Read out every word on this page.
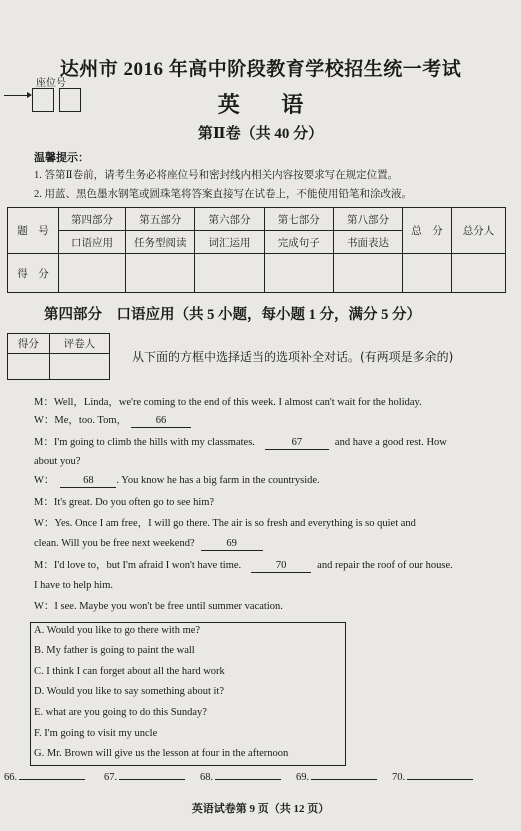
达州市 2016 年高中阶段教育学校招生统一考试
座位号
英 语
第Ⅱ卷（共 40 分）
温馨提示：
1. 答第Ⅱ卷前，请考生务必将座位号和密封线内相关内容按要求写在规定位置。
2. 用蓝、黑色墨水钢笔或圆珠笔将答案直接写在试卷上，不能使用铅笔和涂改液。
题　号	第四部分	第五部分	第六部分	第七部分	第八部分	总　分	总分人
	口语应用	任务型阅读	词汇运用	完成句子	书面表达		
得　分							
第四部分　口语应用（共 5 小题，每小题 1 分，满分 5 分）
得分	评卷人

从下面的方框中选择适当的选项补全对话。(有两项是多余的)
M：Well，Linda，we're coming to the end of this week. I almost can't wait for the holiday.
W：Me，too. Tom，	66
M：I'm going to climb the hills with my classmates.	67	and have a good rest. How
about you?
W：	68 . You know he has a big farm in the countryside.
M：It's great. Do you often go to see him?
W：Yes. Once I am free，I will go there. The air is so fresh and everything is so quiet and
clean. Will you be free next weekend?	69
M：I'd love to，but I'm afraid I won't have time.	70	and repair the roof of our house.
I have to help him.
W：I see. Maybe you won't be free until summer vacation.
A. Would you like to go there with me?
B. My father is going to paint the wall
C. I think I can forget about all the hard work
D. Would you like to say something about it?
E. what are you going to do this Sunday?
F. I'm going to visit my uncle
G. Mr. Brown will give us the lesson at four in the afternoon
66.	67.	68.	69.	70.
英语试卷第 9 页（共 12 页）
